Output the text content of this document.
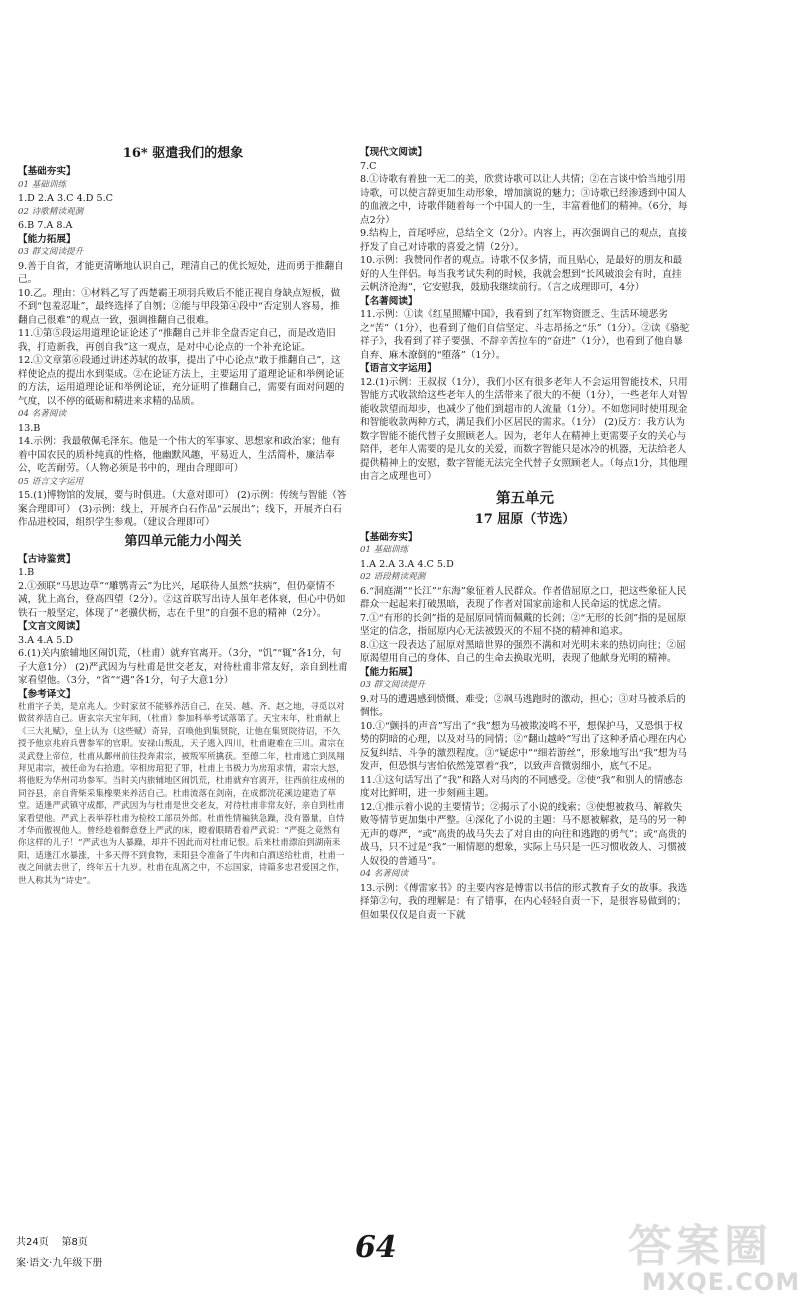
16* 驱遣我们的想象
【基础夯实】
01 基础训练
1.D 2.A 3.C 4.D 5.C
02 诗歌精读观测
6.B 7.A 8.A
【能力拓展】
03 群文阅读提升
9.善于自省，才能更清晰地认识自己，理清自己的优长短处，进而勇于推翻自己。
10.乙。理由：①材料乙写了西楚霸王项羽兵败后不能正视自身缺点短板，做不到“包羞忍耻”，最终选择了自刎；②能与甲段第④段中“否定别人容易，推翻自己很难”的观点一致，强调推翻自己很难。
11.①第⑤段运用道理论证论述了“推翻自己并非全盘否定自己，而是改造旧我，打造新我，再创自我”这一观点，是对中心论点的一个补充论证。
12.①文章第⑥段通过讲述苏轼的故事，提出了中心论点“敢于推翻自己”，这样使论点的提出水到渠成。②在论证方法上，主要运用了道理论证和举例论证的方法，运用道理论证和举例论证，充分证明了推翻自己，需要有面对问题的气度，以不停的砥砺和精进来求精的品质。
04 名著阅读
13.B
14.示例：我最敬佩毛泽东。他是一个伟大的军事家、思想家和政治家；他有着中国农民的质朴纯真的性格，他幽默风趣，平易近人，生活简朴，廉洁奉公，吃苦耐劳。（人物必须是书中的，理由合理即可）
05 语言文字运用
15.(1)博物馆的发展，要与时俱进。（大意对即可） (2)示例：传统与智能（答案合理即可） (3)示例：线上，开展齐白石作品“云展出”；线下，开展齐白石作品进校园，组织学生参观。（建议合理即可）
第四单元能力小闯关
【古诗鉴赏】
1.B
2.①颈联“马思边草”“雕鹗青云”为比兴，尾联待人虽然“扶病”，但仍豪情不减，犹上高台，登高四望（2分）。②这首联写出诗人虽年老体衰，但心中仍如铁石一般坚定，体现了“老骥伏枥，志在千里”的自强不息的精神（2分）。
【文言文阅读】
3.A 4.A 5.D
6.(1)关内旅辅地区闹饥荒，（杜甫）就弃官离开。（3分，“饥”“辄”各1分，句子大意1分） (2)严武因为与杜甫是世交老友，对待杜甫非常友好，亲自到杜甫家看望他。（3分，“省”“遇”各1分，句子大意1分）
【参考译文】
杜甫字子美，是京兆人。少时家贫不能够养活自己，在吴、越、齐、赵之地，寻觅以对做贫养活自己。唐玄宗天宝年间，（杜甫）参加科举考试落第了。天宝末年，杜甫献上《三大礼赋》，皇上认为（这些赋）奇异，召唤他到集贤院，让他在集贤院待诏，不久授予他京兆府兵曹参军的官职。安禄山叛乱，天子逃入四川，杜甫避难在三川。肃宗在灵武登上帝位，杜甫从鄜州前往投奔肃宗，被叛军所擒获。至德二年，杜甫逃亡到凤翔拜见肃宗，被任命为右拾遗。宰相房琯犯了罪，杜甫上书极力为房琯求情，肃宗大怒，将他贬为华州司功参军。当时关内旅辅地区闹饥荒，杜甫就弃官离开，往西前往成州的同谷县，亲自背柴采集橡栗来养活自己。杜甫流落在剑南，在成都浣花溪边建造了草堂。适逢严武镇守成都，严武因为与杜甫是世交老友，对待杜甫非常友好，亲自到杜甫家看望他。严武上表举荐杜甫为检校工部员外郎。杜甫性情褊狭急躁，没有器量，自恃才华而傲视他人。曾经趁着醉意登上严武的床，瞪着眼睛看着严武说：“严挺之竟然有你这样的儿子！”严武也为人暴躁，却并不因此而对杜甫记恨。后来杜甫漂泊到湖南耒阳，适逢江水暴涨，十多天得不到食物，耒阳县令准备了牛肉和白酒送给杜甫，杜甫一夜之间就去世了，终年五十九岁。杜甫在乱离之中，不忘国家，诗篇多忠君爱国之作，世人称其为“诗史”。
【现代文阅读】
7.C
8.①诗歌有着独一无二的美，欣赏诗歌可以让人共情；②在言谈中恰当地引用诗歌，可以使言辞更加生动形象，增加演说的魅力；③诗歌已经渗透到中国人的血液之中，诗歌伴随着每一个中国人的一生，丰富着他们的精神。（6分，每点2分）
9.结构上，首尾呼应，总结全文（2分）。内容上，再次强调自己的观点，直接抒发了自己对诗歌的喜爱之情（2分）。
10.示例：我赞同作者的观点。诗歌不仅多情，而且贴心，是最好的朋友和最好的人生伴侣。每当我考试失利的时候，我就会想到“长风破浪会有时，直挂云帆济沧海”，它安慰我，鼓励我继续前行。（言之成理即可，4分）
【名著阅读】
11.示例：①读《红星照耀中国》，我看到了红军物资匮乏、生活环境恶劣之“苦”（1分），也看到了他们自信坚定、斗志昂扬之“乐”（1分）。②读《骆驼祥子》，我看到了祥子要强、不辞辛苦拉车的“奋进”（1分），也看到了他自暴自弃、麻木潦倒的“堕落”（1分）。
【语言文字运用】
12.(1)示例：王叔叔（1分），我们小区有很多老年人不会运用智能技术，只用智能方式收款给这些老年人的生活带来了很大的不便（1分），一些老年人对智能收款望而却步，也减少了他们到超市的人流量（1分）。不如您同时使用现金和智能收款两种方式，满足我们小区居民的需求。（1分） (2)反方：我方认为数字智能不能代替子女照顾老人。因为，老年人在精神上更需要子女的关心与陪伴，老年人需要的是儿女的关爱，而数字智能只是冰冷的机器，无法给老人提供精神上的安慰，数字智能无法完全代替子女照顾老人。（每点1分，其他理由言之成理也可）
第五单元
17 屈原（节选）
【基础夯实】
01 基础训练
1.A 2.A 3.A 4.C 5.D
02 语段精读观测
6.“洞庭湖”“长江”“东海”象征着人民群众。作者借屈原之口，把这些象征人民群众一起起来打破黑暗，表现了作者对国家前途和人民命运的忧虑之情。
7.①“有形的长剑”指的是屈原同情而佩戴的长剑；②“无形的长剑”指的是屈原坚定的信念，指屈原内心无法被毁灭的不屈不挠的精神和追求。
8.①这一段表达了屈原对黑暗世界的强烈不满和对光明未来的热切向往；②屈原渴望用自己的身体、自己的生命去换取光明，表现了他献身光明的精神。
【能力拓展】
03 群文阅读提升
9.对马的遭遇感到愤慨、难受；②飒马逃跑时的激动，担心；③对马被杀后的惆怅。
10.①“颤抖的声音”写出了“我”想为马被欺凌鸣不平，想保护马，又恐惧于权势的阴暗的心理，以及对马的同情；②“翻山越岭”写出了这种矛盾心理在内心反复纠结、斗争的激烈程度。③“疑虑中”“细若游丝”，形象地写出“我”想为马发声，但恐惧与害怕依然笼罩着“我”，以致声音微弱细小，底气不足。
11.①这句话写出了“我”和路人对马肉的不同感受。②使“我”和别人的情感态度对比鲜明，进一步刻画主题。
12.①推示着小说的主要情节；②揭示了小说的线索；③使想被救马、解救失败等情节更加集中严整。④深化了小说的主题：马不愿被解救，是马的另一种无声的尊严，“或”高贵的战马失去了对自由的向往和逃跑的勇气”；或“高贵的战马，只不过是“我”一厢情愿的想象，实际上马只是一匹习惯收敛人、习惯被人奴役的普通马”。
04 名著阅读
13.示例：《傅雷家书》的主要内容是傅雷以书信的形式教育子女的故事。我选择第②句，我的理解是：有了错事，在内心轻轻自责一下，是很容易做到的；但如果仅仅是自责一下就
共24页 第8页
案·语文·九年级下册	64	答案圈
MXQE.COM
